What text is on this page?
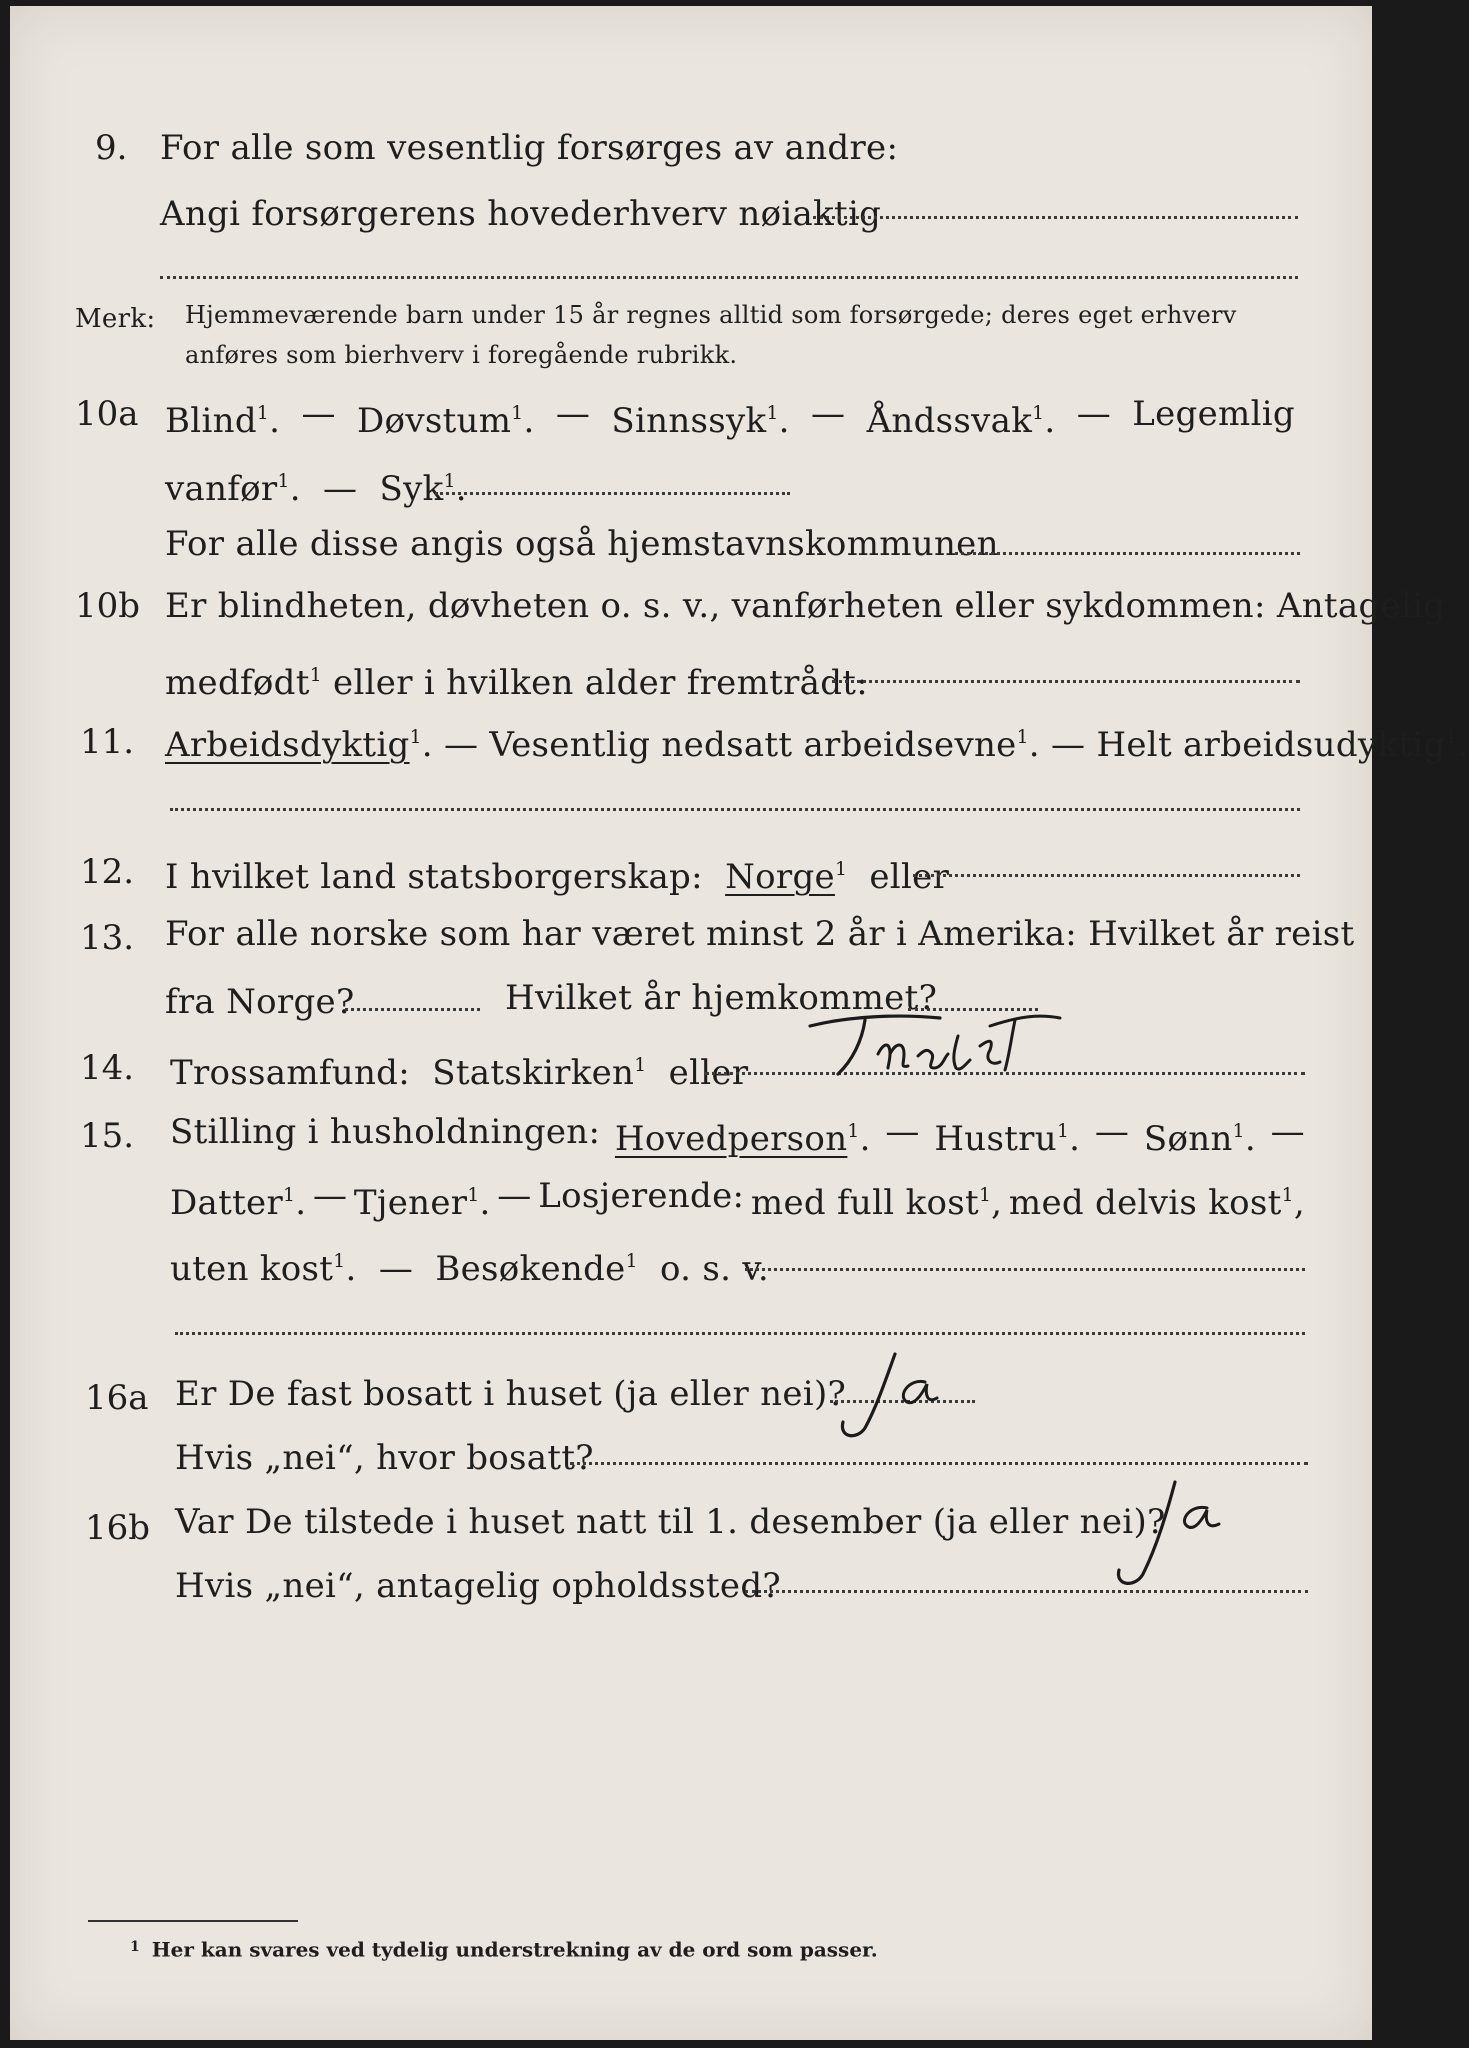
9. For alle som vesentlig forsørges av andre:
Angi forsørgerens hovederhverv nøiaktig
Merk: Hjemmeværende barn under 15 år regnes alltid som forsørgede; deres eget erhverv
anføres som bierhverv i foregående rubrikk.
10a Blind$^1$. — Døvstum$^1$. — Sinnssyk$^1$. — Åndssvak$^1$. — Legemlig
vanfør$^1$.  — Syk$^1$.
For alle disse angis også hjemstavnskommunen
10b Er blindheten, døvheten o. s. v., vanførheten eller sykdommen: Antagelig
medfødt$^1$ eller i hvilken alder fremtrådt:
11. Arbeidsdyktig$^1$. — Vesentlig nedsatt arbeidsevne$^1$. — Helt arbeidsudyktig$^1$.
12. I hvilket land statsborgerskap: Norge$^1$ eller
13. For alle norske som har været minst 2 år i Amerika: Hvilket år reist
fra Norge?	Hvilket år hjemkommet?
14. Trossamfund: Statskirken$^1$ eller
15. Stilling i husholdningen: Hovedperson$^1$. — Hustru$^1$. — Sønn$^1$. —
Datter$^1$. — Tjener$^1$. — Losjerende: med full kost$^1$, med delvis kost$^1$,
uten kost$^1$.  — Besøkende$^1$ o. s. v.
16a Er De fast bosatt i huset (ja eller nei)?
Hvis „nei“, hvor bosatt?
16b Var De tilstede i huset natt til 1. desember (ja eller nei)?
Hvis „nei“, antagelig opholdssted?
$^1$ Her kan svares ved tydelig understrekning av de ord som passer.
